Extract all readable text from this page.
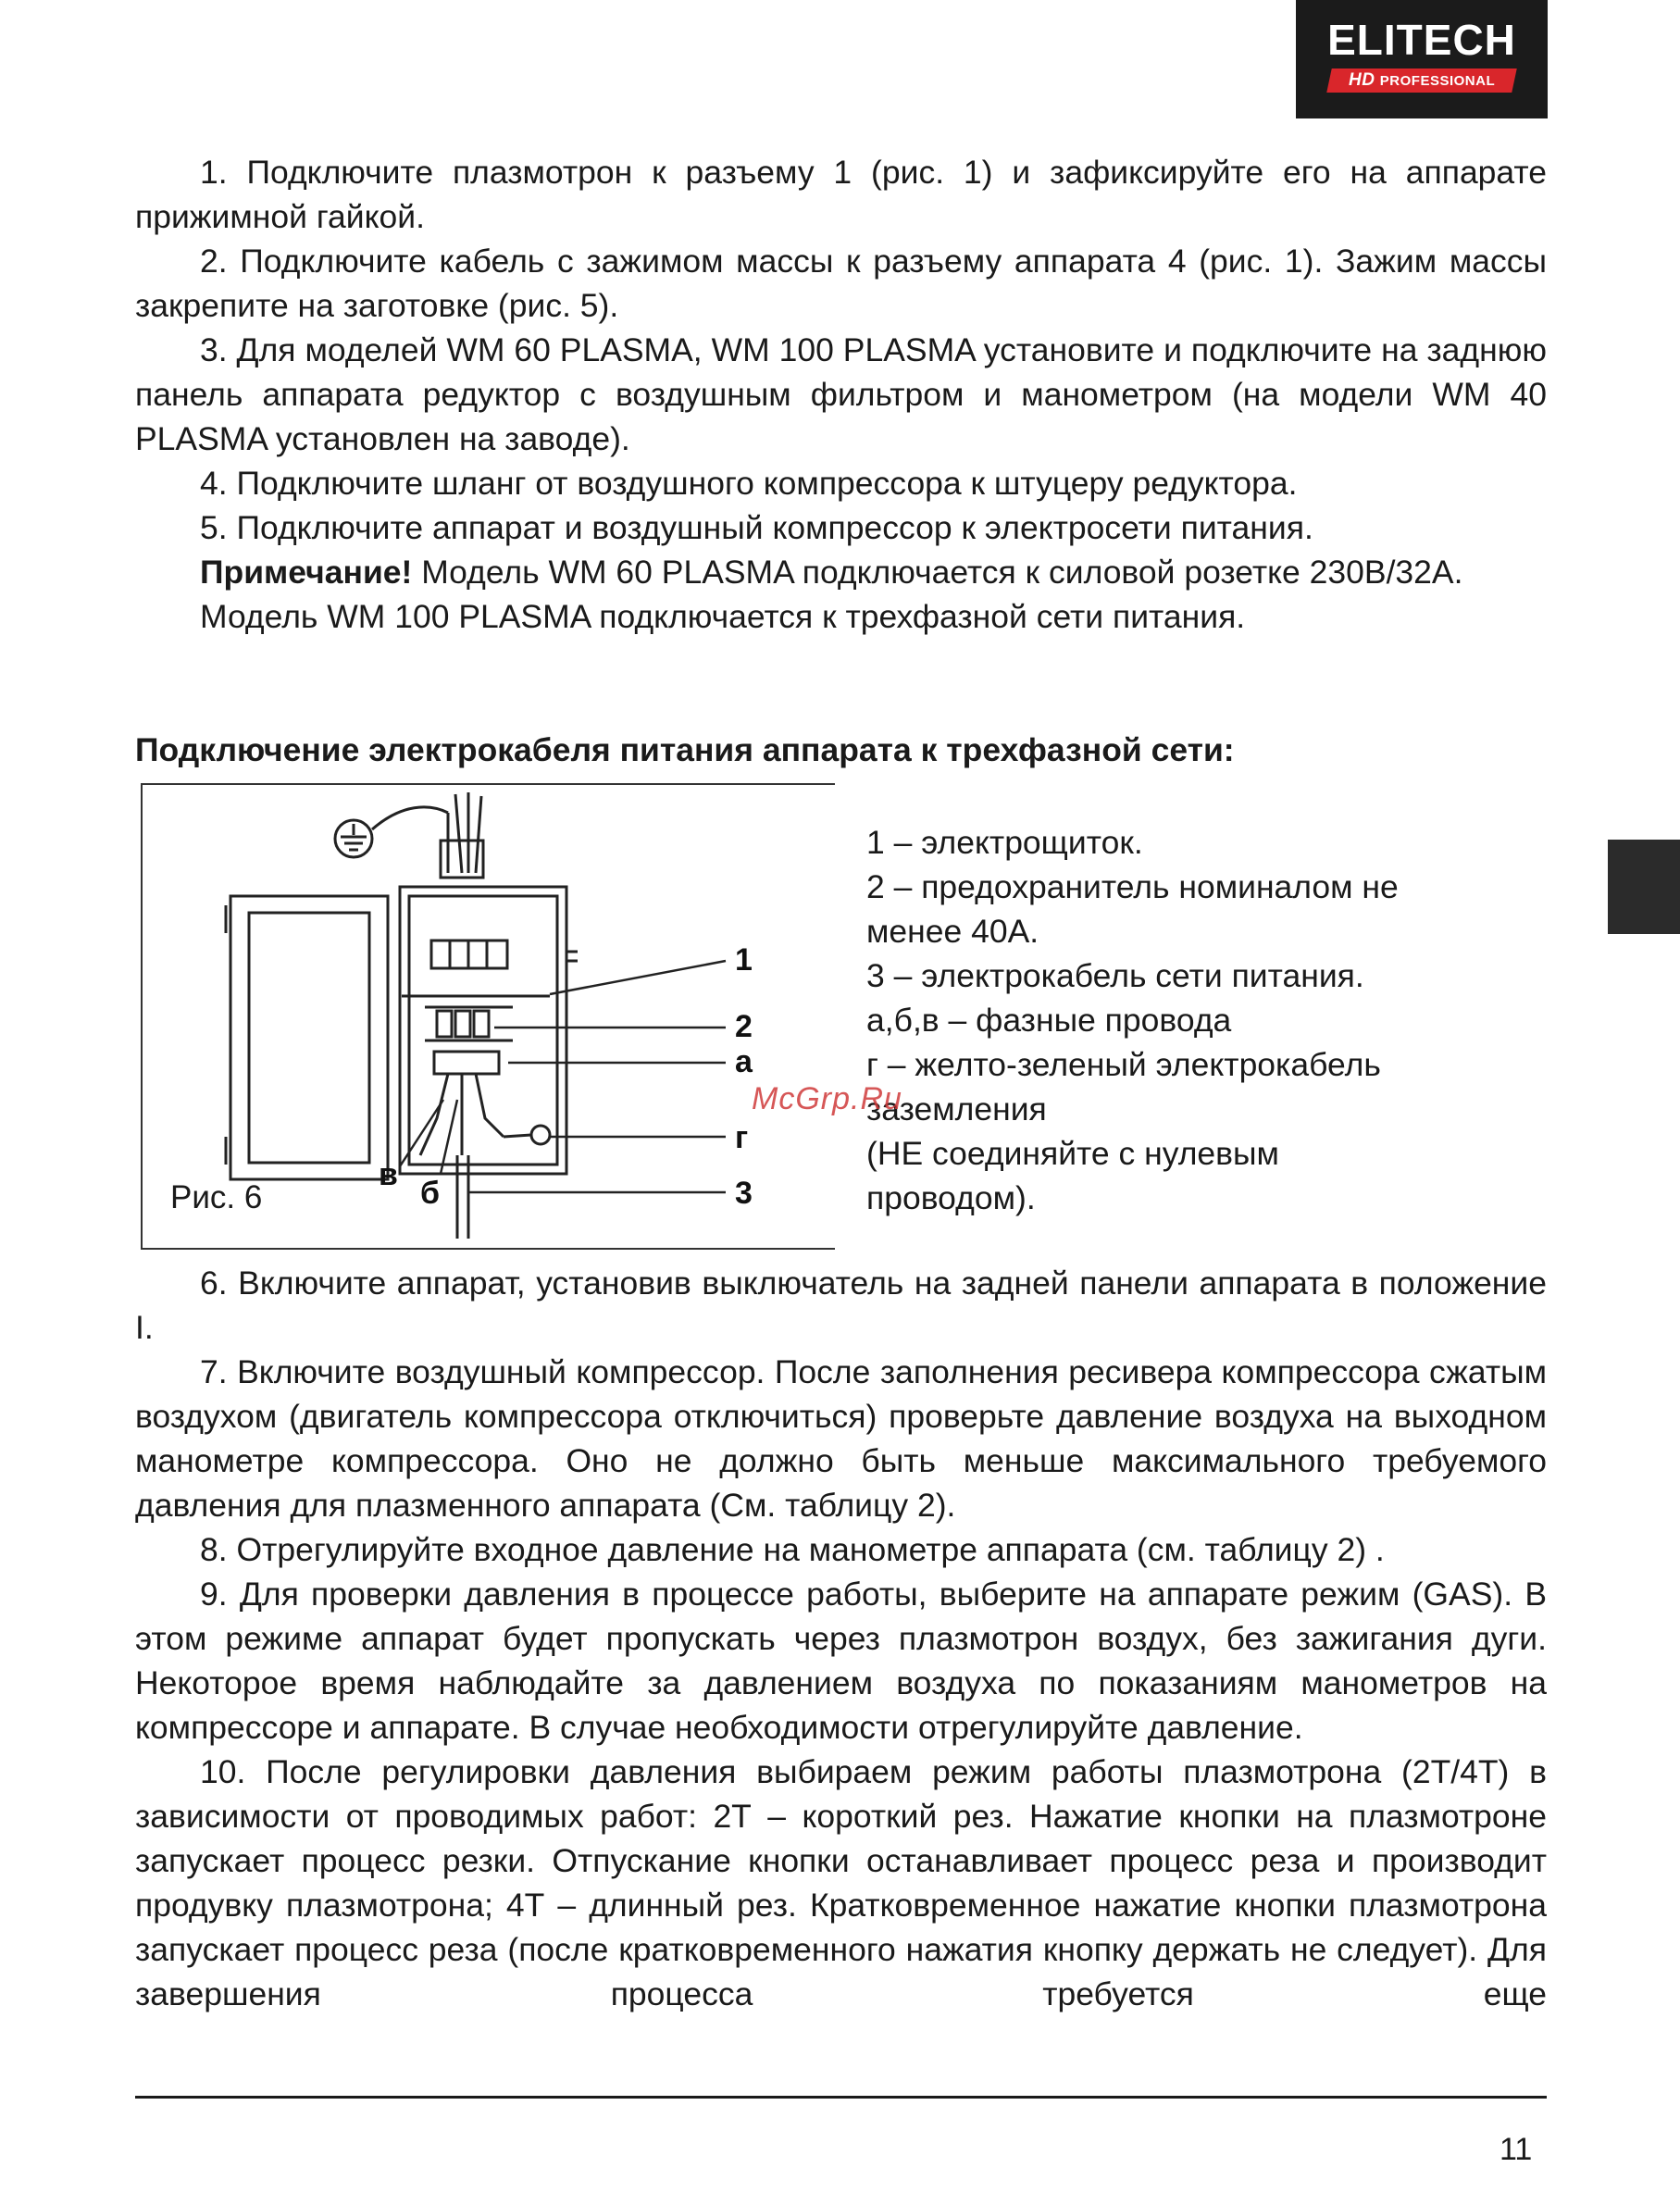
ELITECH
HD PROFESSIONAL

1. Подключите плазмотрон к разъему 1 (рис. 1) и зафиксируйте его на аппарате прижимной гайкой.

2. Подключите кабель с зажимом массы к разъему аппарата 4 (рис. 1). Зажим массы закрепите на заготовке (рис. 5).

3. Для моделей WM 60 PLASMA, WM 100 PLASMA установите и подключите на заднюю панель аппарата редуктор с воздушным фильтром и манометром (на модели WM 40 PLASMA установлен на заводе).

4. Подключите шланг от воздушного компрессора к штуцеру редуктора.

5. Подключите аппарат и воздушный компрессор к электросети питания.

Примечание! Модель WM 60 PLASMA подключается к силовой розетке 230В/32А.

Модель WM 100 PLASMA подключается к трехфазной сети питания.

Подключение электрокабеля питания аппарата к трехфазной сети:
1
2
а
г
в
б	3
Рис. 6
1 – электрощиток.
2 – предохранитель номиналом не
менее 40А.
3 – электрокабель сети питания.
а,б,в – фазные провода
г – желто-зеленый электрокабель
заземления
(НЕ соединяйте с нулевым
проводом).
McGrp.Ru

6. Включите аппарат, установив выключатель на задней панели аппарата в положение I.

7. Включите воздушный компрессор. После заполнения ресивера компрессора сжатым воздухом (двигатель компрессора отключиться) проверьте давление воздуха на выходном манометре компрессора. Оно не должно быть меньше максимального требуемого давления для плазменного аппарата (См. таблицу 2).

8. Отрегулируйте входное давление на манометре аппарата (см. таблицу 2) .

9. Для проверки давления в процессе работы, выберите на аппарате режим (GAS). В этом режиме аппарат будет пропускать через плазмотрон воздух, без зажигания дуги. Некоторое время наблюдайте за давлением воздуха по показаниям манометров на компрессоре и аппарате. В случае необходимости отрегулируйте давление.

10. После регулировки давления выбираем режим работы плазмотрона (2Т/4Т) в зависимости от проводимых работ: 2Т – короткий рез. Нажатие кнопки на плазмотроне запускает процесс резки. Отпускание кнопки останавливает процесс реза и производит продувку плазмотрона; 4Т – длинный рез. Кратковременное нажатие кнопки плазмотрона запускает процесс реза (после кратковременного нажатия кнопку держать не следует). Для завершения процесса требуется еще

11
